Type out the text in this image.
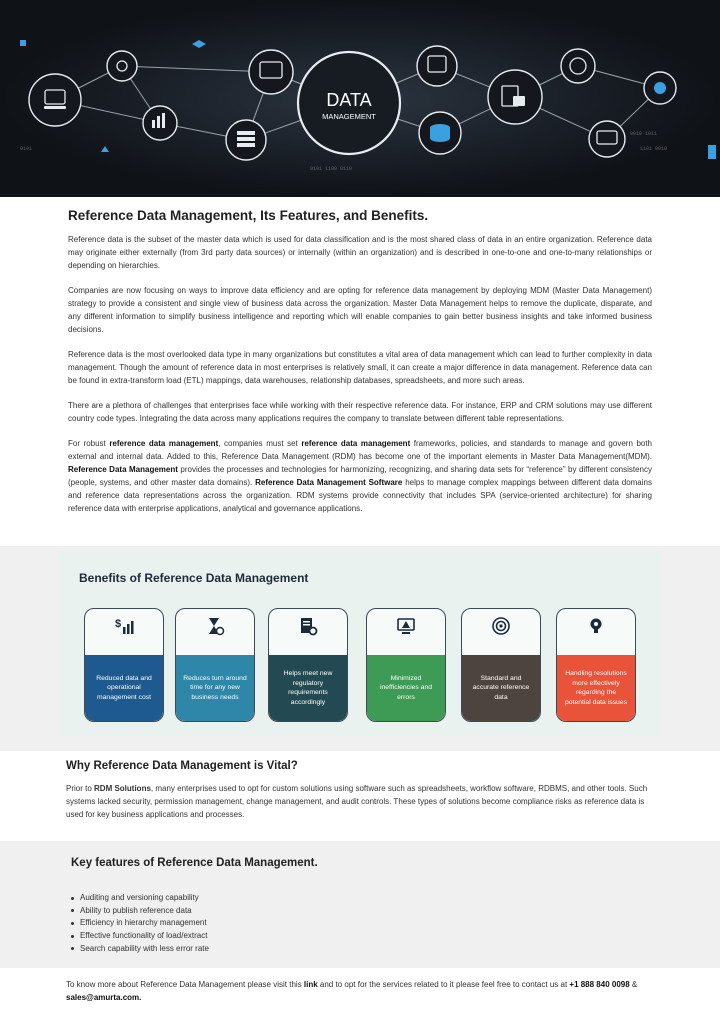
DATA
MANAGEMENT
0010 1011
1101 0010
0101 1100 0110
0101
Reference Data Management, Its Features, and Benefits.

Reference data is the subset of the master data which is used for data classification and is the most shared class of data in an entire organization. Reference data may originate either externally (from 3rd party data sources) or internally (within an organization) and is described in one-to-one and one-to-many relationships or depending on hierarchies.

Companies are now focusing on ways to improve data efficiency and are opting for reference data management by deploying MDM (Master Data Management) strategy to provide a consistent and single view of business data across the organization. Master Data Management helps to remove the duplicate, disparate, and any different information to simplify business intelligence and reporting which will enable companies to gain better business insights and take informed business decisions.

Reference data is the most overlooked data type in many organizations but constitutes a vital area of data management which can lead to further complexity in data management. Though the amount of reference data in most enterprises is relatively small, it can create a major difference in data management. Reference data can be found in extra-transform load (ETL) mappings, data warehouses, relationship databases, spreadsheets, and more such areas.

There are a plethora of challenges that enterprises face while working with their respective reference data. For instance, ERP and CRM solutions may use different country code types. Integrating the data across many applications requires the company to translate between different table representations.

For robust reference data management, companies must set reference data management frameworks, policies, and standards to manage and govern both external and internal data. Added to this, Reference Data Management (RDM) has become one of the important elements in Master Data Management(MDM). Reference Data Management provides the processes and technologies for harmonizing, recognizing, and sharing data sets for “reference” by different consistency (people, systems, and other master data domains). Reference Data Management Software helps to manage complex mappings between different data domains and reference data representations across the organization. RDM systems provide connectivity that includes SPA (service-oriented architecture) for sharing reference data with enterprise applications, analytical and governance applications.

Benefits of Reference Data Management
$
Reduced data and operational management cost
Reduces turn around time for any new business needs
Helps meet new regulatory requirements accordingly
Minimized inefficiencies and errors
Standard and accurate reference data
Handling resolutions more effectively regarding the potential data issues
Why Reference Data Management is Vital?

Prior to RDM Solutions, many enterprises used to opt for custom solutions using software such as spreadsheets, workflow software, RDBMS, and other tools. Such systems lacked security, permission management, change management, and audit controls. These types of solutions become compliance risks as reference data is used for key business applications and processes.

Key features of Reference Data Management.
Auditing and versioning capability
Ability to publish reference data
Efficiency in hierarchy management
Effective functionality of load/extract
Search capability with less error rate
To know more about Reference Data Management please visit this link and to opt for the services related to it please feel free to contact us at +1 888 840 0098 & sales@amurta.com.
